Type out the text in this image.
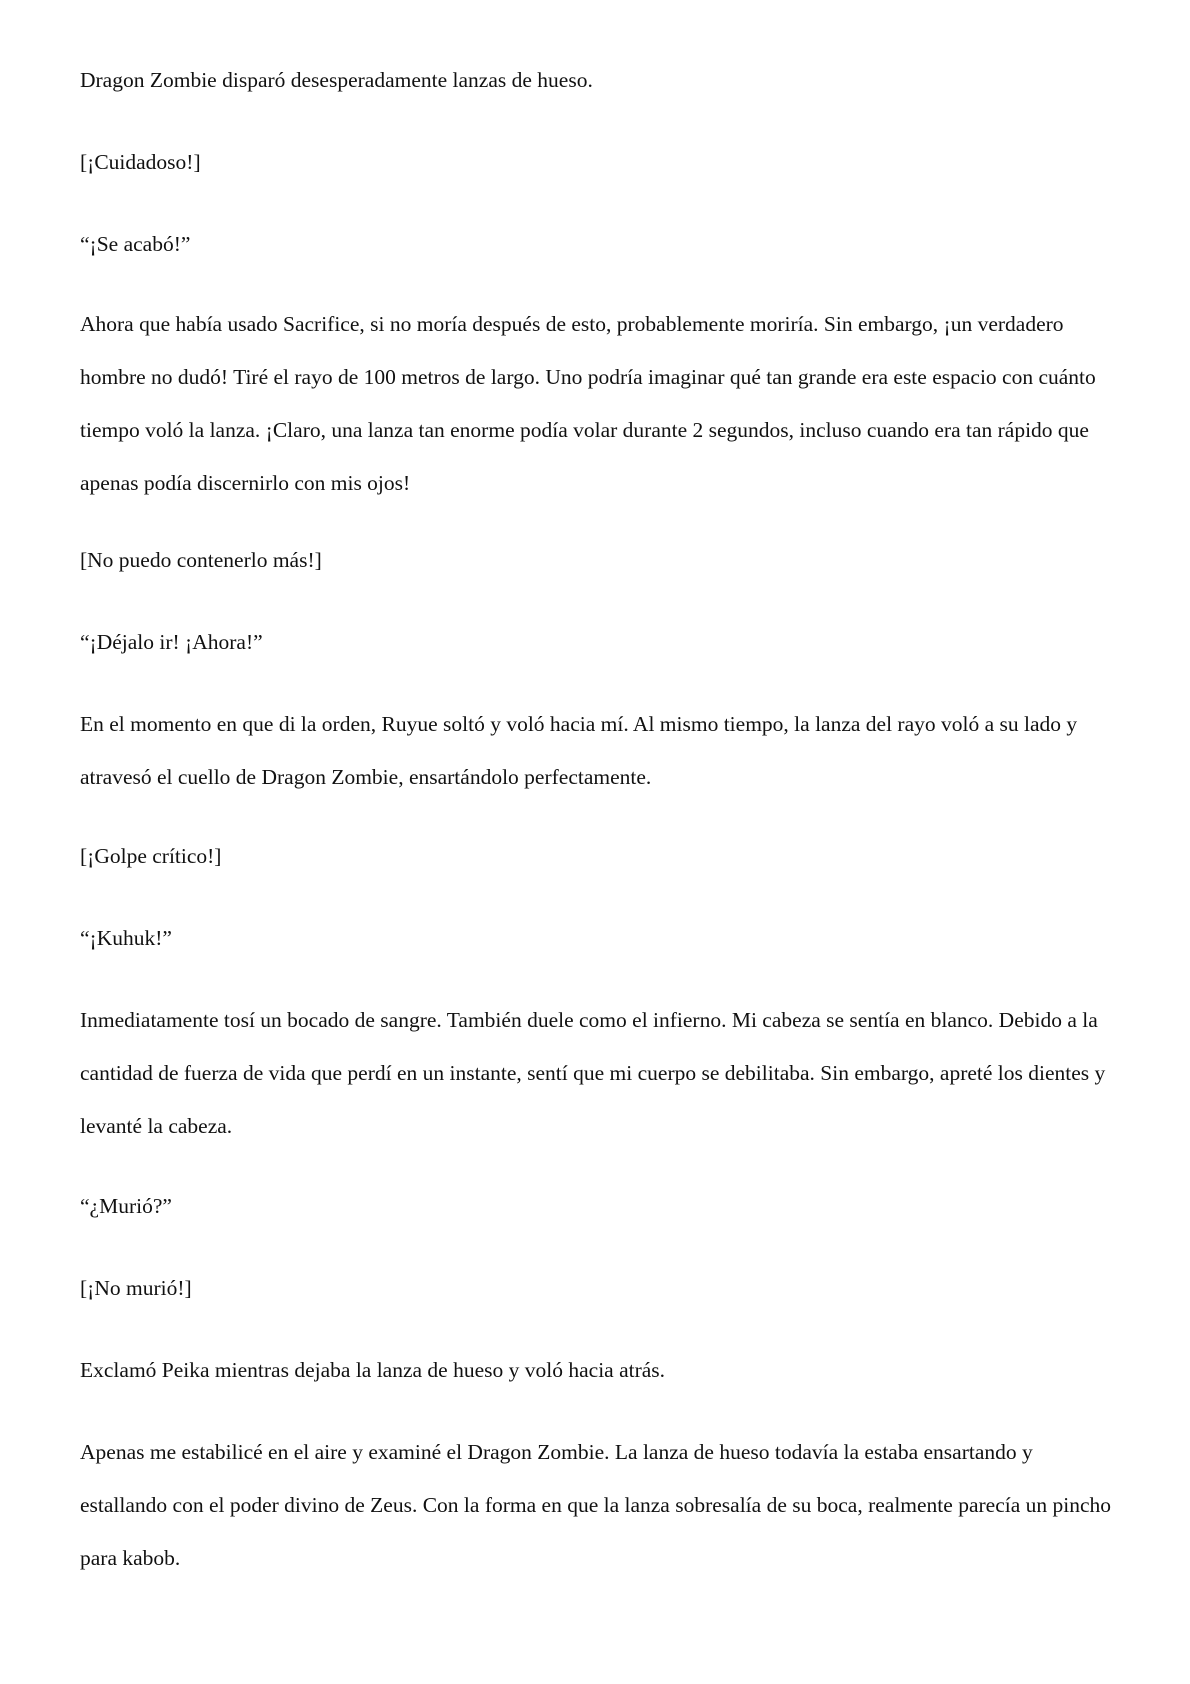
Dragon Zombie disparó desesperadamente lanzas de hueso.

[¡Cuidadoso!]

“¡Se acabó!”

Ahora que había usado Sacrifice, si no moría después de esto, probablemente moriría. Sin embargo, ¡un verdadero hombre no dudó! Tiré el rayo de 100 metros de largo. Uno podría imaginar qué tan grande era este espacio con cuánto tiempo voló la lanza. ¡Claro, una lanza tan enorme podía volar durante 2 segundos, incluso cuando era tan rápido que apenas podía discernirlo con mis ojos!

[No puedo contenerlo más!]

“¡Déjalo ir! ¡Ahora!”

En el momento en que di la orden, Ruyue soltó y voló hacia mí. Al mismo tiempo, la lanza del rayo voló a su lado y atravesó el cuello de Dragon Zombie, ensartándolo perfectamente.

[¡Golpe crítico!]

“¡Kuhuk!”

Inmediatamente tosí un bocado de sangre. También duele como el infierno. Mi cabeza se sentía en blanco. Debido a la cantidad de fuerza de vida que perdí en un instante, sentí que mi cuerpo se debilitaba. Sin embargo, apreté los dientes y levanté la cabeza.

“¿Murió?”

[¡No murió!]

Exclamó Peika mientras dejaba la lanza de hueso y voló hacia atrás.

Apenas me estabilicé en el aire y examiné el Dragon Zombie. La lanza de hueso todavía la estaba ensartando y estallando con el poder divino de Zeus. Con la forma en que la lanza sobresalía de su boca, realmente parecía un pincho para kabob.
